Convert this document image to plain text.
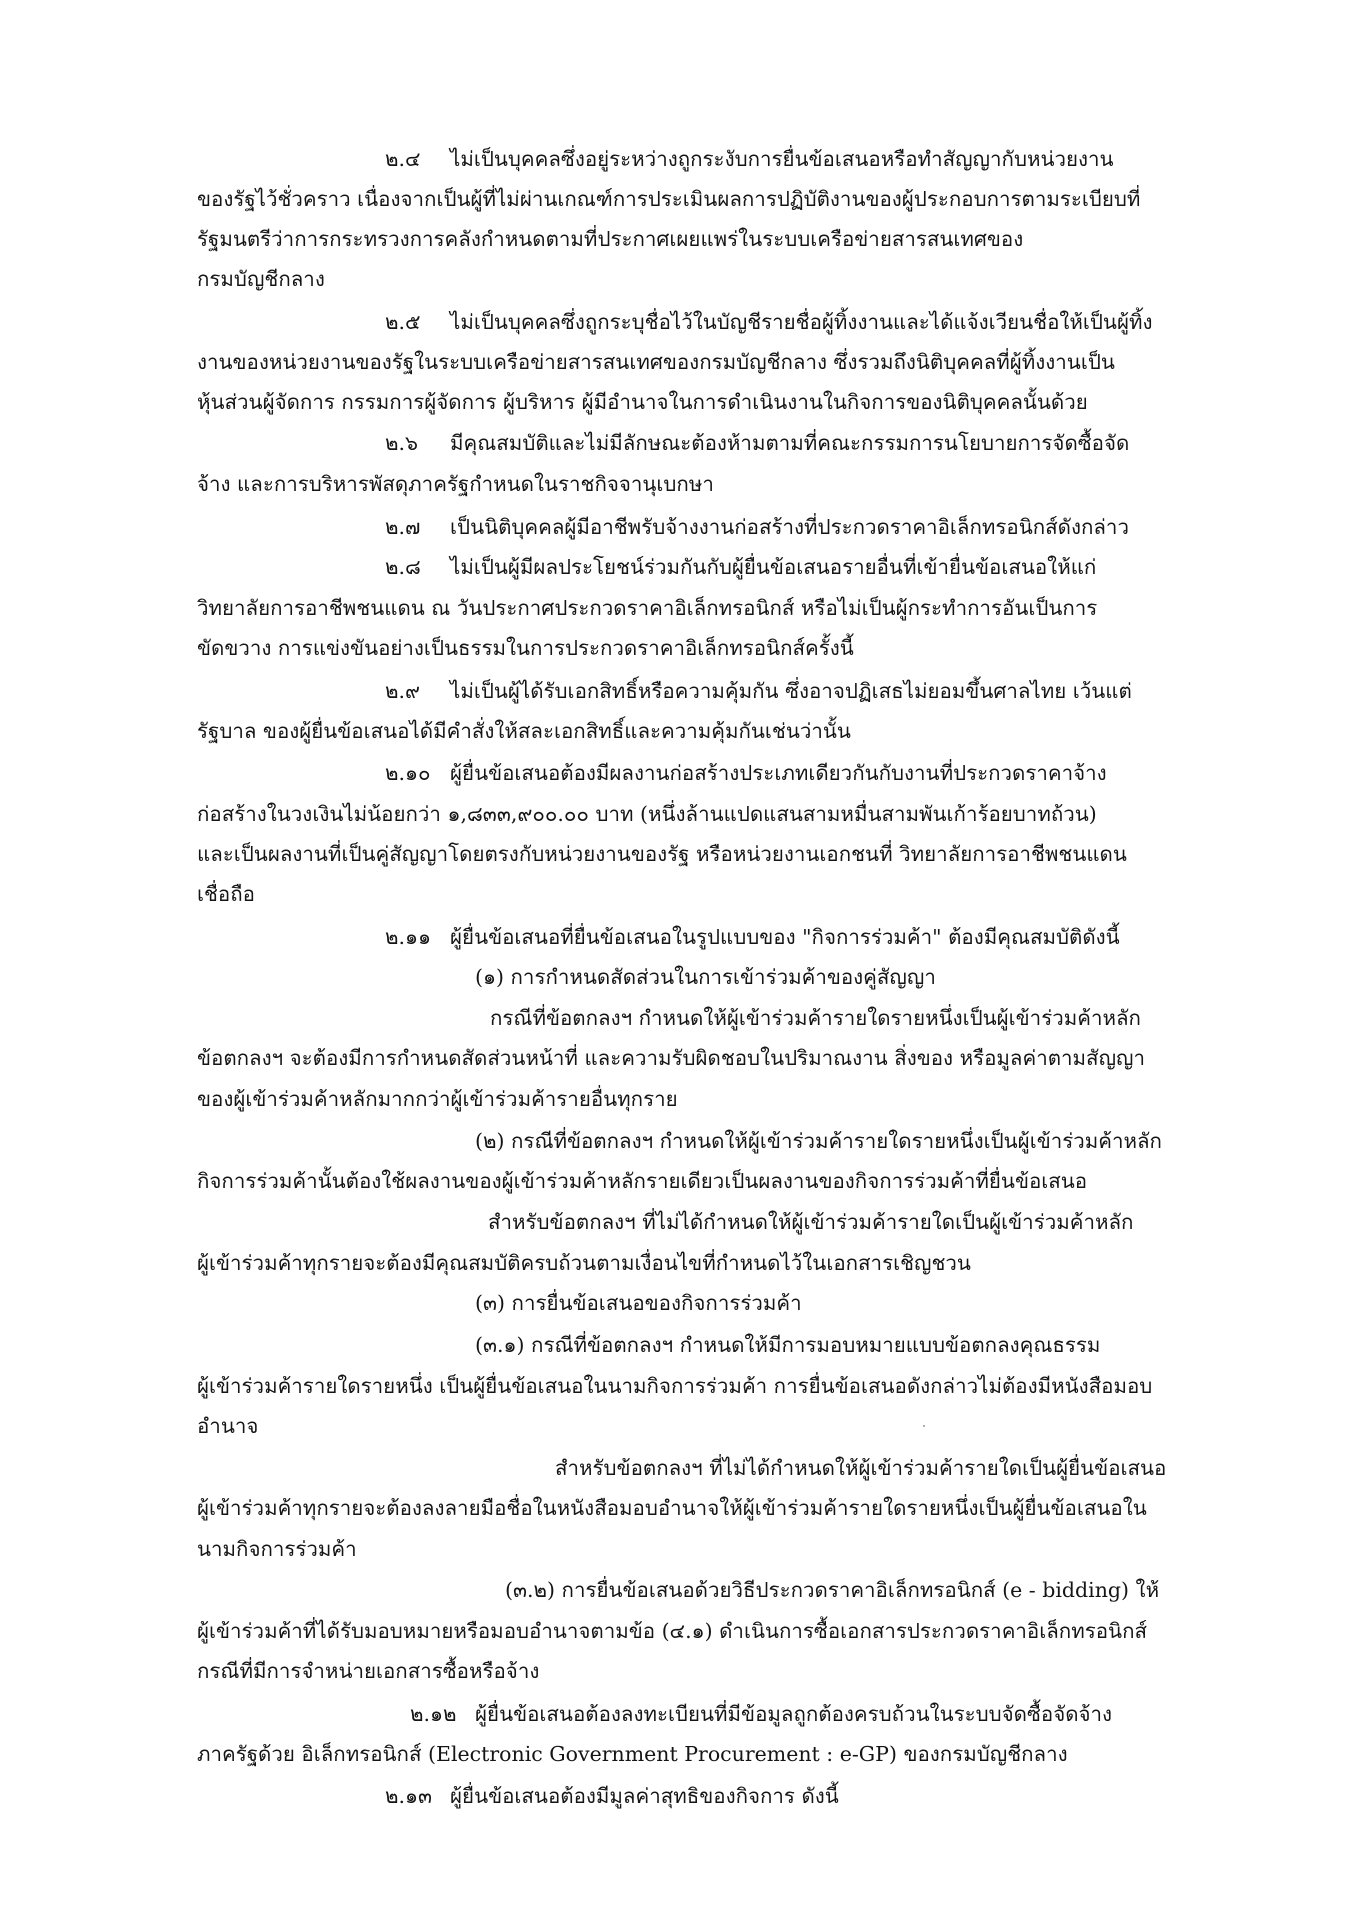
๒.๔ ไม่เป็นบุคคลซึ่งอยู่ระหว่างถูกระงับการยื่นข้อเสนอหรือทำสัญญากับหน่วยงาน
ของรัฐไว้ชั่วคราว เนื่องจากเป็นผู้ที่ไม่ผ่านเกณฑ์การประเมินผลการปฏิบัติงานของผู้ประกอบการตามระเบียบที่
รัฐมนตรีว่าการกระทรวงการคลังกำหนดตามที่ประกาศเผยแพร่ในระบบเครือข่ายสารสนเทศของ
กรมบัญชีกลาง
๒.๕ ไม่เป็นบุคคลซึ่งถูกระบุชื่อไว้ในบัญชีรายชื่อผู้ทิ้งงานและได้แจ้งเวียนชื่อให้เป็นผู้ทิ้ง
งานของหน่วยงานของรัฐในระบบเครือข่ายสารสนเทศของกรมบัญชีกลาง ซึ่งรวมถึงนิติบุคคลที่ผู้ทิ้งงานเป็น
หุ้นส่วนผู้จัดการ กรรมการผู้จัดการ ผู้บริหาร ผู้มีอำนาจในการดำเนินงานในกิจการของนิติบุคคลนั้นด้วย
๒.๖ มีคุณสมบัติและไม่มีลักษณะต้องห้ามตามที่คณะกรรมการนโยบายการจัดซื้อจัด
จ้าง และการบริหารพัสดุภาครัฐกำหนดในราชกิจจานุเบกษา
๒.๗ เป็นนิติบุคคลผู้มีอาชีพรับจ้างงานก่อสร้างที่ประกวดราคาอิเล็กทรอนิกส์ดังกล่าว
๒.๘ ไม่เป็นผู้มีผลประโยชน์ร่วมกันกับผู้ยื่นข้อเสนอรายอื่นที่เข้ายื่นข้อเสนอให้แก่
วิทยาลัยการอาชีพชนแดน ณ วันประกาศประกวดราคาอิเล็กทรอนิกส์ หรือไม่เป็นผู้กระทำการอันเป็นการ
ขัดขวาง การแข่งขันอย่างเป็นธรรมในการประกวดราคาอิเล็กทรอนิกส์ครั้งนี้
๒.๙ ไม่เป็นผู้ได้รับเอกสิทธิ์หรือความคุ้มกัน ซึ่งอาจปฏิเสธไม่ยอมขึ้นศาลไทย เว้นแต่
รัฐบาล ของผู้ยื่นข้อเสนอได้มีคำสั่งให้สละเอกสิทธิ์และความคุ้มกันเช่นว่านั้น
๒.๑๐ ผู้ยื่นข้อเสนอต้องมีผลงานก่อสร้างประเภทเดียวกันกับงานที่ประกวดราคาจ้าง
ก่อสร้างในวงเงินไม่น้อยกว่า ๑,๘๓๓,๙๐๐.๐๐ บาท (หนึ่งล้านแปดแสนสามหมื่นสามพันเก้าร้อยบาทถ้วน)
และเป็นผลงานที่เป็นคู่สัญญาโดยตรงกับหน่วยงานของรัฐ หรือหน่วยงานเอกชนที่ วิทยาลัยการอาชีพชนแดน
เชื่อถือ
๒.๑๑ ผู้ยื่นข้อเสนอที่ยื่นข้อเสนอในรูปแบบของ "กิจการร่วมค้า" ต้องมีคุณสมบัติดังนี้
(๑) การกำหนดสัดส่วนในการเข้าร่วมค้าของคู่สัญญา
กรณีที่ข้อตกลงฯ กำหนดให้ผู้เข้าร่วมค้ารายใดรายหนึ่งเป็นผู้เข้าร่วมค้าหลัก
ข้อตกลงฯ จะต้องมีการกำหนดสัดส่วนหน้าที่ และความรับผิดชอบในปริมาณงาน สิ่งของ หรือมูลค่าตามสัญญา
ของผู้เข้าร่วมค้าหลักมากกว่าผู้เข้าร่วมค้ารายอื่นทุกราย
(๒) กรณีที่ข้อตกลงฯ กำหนดให้ผู้เข้าร่วมค้ารายใดรายหนึ่งเป็นผู้เข้าร่วมค้าหลัก
กิจการร่วมค้านั้นต้องใช้ผลงานของผู้เข้าร่วมค้าหลักรายเดียวเป็นผลงานของกิจการร่วมค้าที่ยื่นข้อเสนอ
สำหรับข้อตกลงฯ ที่ไม่ได้กำหนดให้ผู้เข้าร่วมค้ารายใดเป็นผู้เข้าร่วมค้าหลัก
ผู้เข้าร่วมค้าทุกรายจะต้องมีคุณสมบัติครบถ้วนตามเงื่อนไขที่กำหนดไว้ในเอกสารเชิญชวน
(๓) การยื่นข้อเสนอของกิจการร่วมค้า
(๓.๑) กรณีที่ข้อตกลงฯ กำหนดให้มีการมอบหมายแบบข้อตกลงคุณธรรม
ผู้เข้าร่วมค้ารายใดรายหนึ่ง เป็นผู้ยื่นข้อเสนอในนามกิจการร่วมค้า การยื่นข้อเสนอดังกล่าวไม่ต้องมีหนังสือมอบ
อำนาจ
สำหรับข้อตกลงฯ ที่ไม่ได้กำหนดให้ผู้เข้าร่วมค้ารายใดเป็นผู้ยื่นข้อเสนอ
ผู้เข้าร่วมค้าทุกรายจะต้องลงลายมือชื่อในหนังสือมอบอำนาจให้ผู้เข้าร่วมค้ารายใดรายหนึ่งเป็นผู้ยื่นข้อเสนอใน
นามกิจการร่วมค้า
(๓.๒) การยื่นข้อเสนอด้วยวิธีประกวดราคาอิเล็กทรอนิกส์ (e - bidding) ให้
ผู้เข้าร่วมค้าที่ได้รับมอบหมายหรือมอบอำนาจตามข้อ (๔.๑) ดำเนินการซื้อเอกสารประกวดราคาอิเล็กทรอนิกส์
กรณีที่มีการจำหน่ายเอกสารซื้อหรือจ้าง
๒.๑๒ ผู้ยื่นข้อเสนอต้องลงทะเบียนที่มีข้อมูลถูกต้องครบถ้วนในระบบจัดซื้อจัดจ้าง
ภาครัฐด้วย อิเล็กทรอนิกส์ (Electronic Government Procurement : e-GP) ของกรมบัญชีกลาง
๒.๑๓ ผู้ยื่นข้อเสนอต้องมีมูลค่าสุทธิของกิจการ ดังนี้
